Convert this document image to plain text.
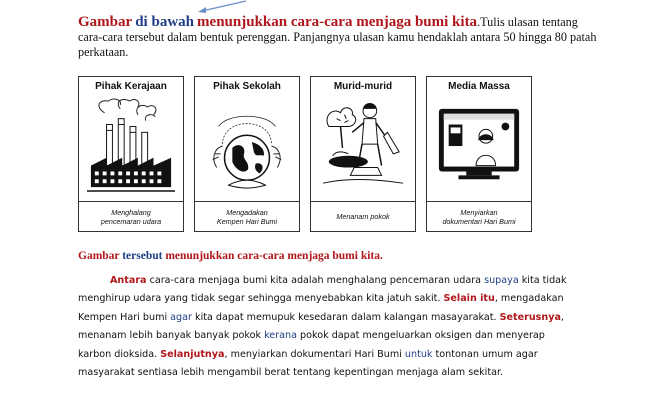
Gambar di bawah menunjukkan cara-cara menjaga bumi kita.Tulis ulasan tentang cara-cara tersebut dalam bentuk perenggan. Panjangnya ulasan kamu hendaklah antara 50 hingga 80 patah perkataan.

Pihak Kerajaan
Menghalang
pencemaran udara
Pihak Sekolah
Mengadakan
Kempen Hari Bumi
Murid-murid
Menanam pokok
Media Massa
Menyiarkan
dokumentari Hari Bumi

Gambar tersebut menunjukkan cara-cara menjaga bumi kita.

Antara cara-cara menjaga bumi kita adalah menghalang pencemaran udara supaya kita tidak menghirup udara yang tidak segar sehingga menyebabkan kita jatuh sakit. Selain itu, mengadakan Kempen Hari bumi agar kita dapat memupuk kesedaran dalam kalangan masayarakat. Seterusnya, menanam lebih banyak banyak pokok kerana pokok dapat mengeluarkan oksigen dan menyerap karbon dioksida. Selanjutnya, menyiarkan dokumentari Hari Bumi untuk tontonan umum agar masyarakat sentiasa lebih mengambil berat tentang kepentingan menjaga alam sekitar.
